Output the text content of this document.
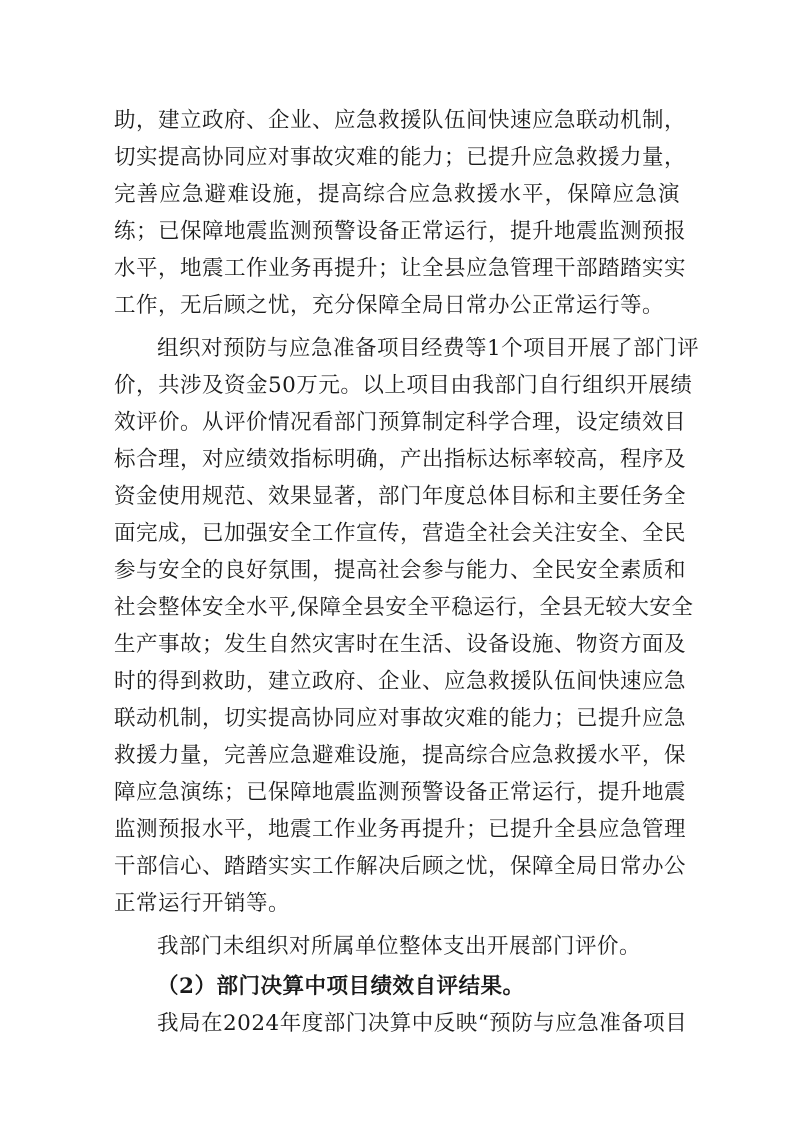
助，建立政府、企业、应急救援队伍间快速应急联动机制，
切实提高协同应对事故灾难的能力；已提升应急救援力量，
完善应急避难设施，提高综合应急救援水平，保障应急演
练；已保障地震监测预警设备正常运行，提升地震监测预报
水平，地震工作业务再提升；让全县应急管理干部踏踏实实
工作，无后顾之忧，充分保障全局日常办公正常运行等。
组织对预防与应急准备项目经费等1个项目开展了部门评
价，共涉及资金50万元。以上项目由我部门自行组织开展绩
效评价。从评价情况看部门预算制定科学合理，设定绩效目
标合理，对应绩效指标明确，产出指标达标率较高，程序及
资金使用规范、效果显著，部门年度总体目标和主要任务全
面完成，已加强安全工作宣传，营造全社会关注安全、全民
参与安全的良好氛围，提高社会参与能力、全民安全素质和
社会整体安全水平,保障全县安全平稳运行，全县无较大安全
生产事故；发生自然灾害时在生活、设备设施、物资方面及
时的得到救助，建立政府、企业、应急救援队伍间快速应急
联动机制，切实提高协同应对事故灾难的能力；已提升应急
救援力量，完善应急避难设施，提高综合应急救援水平，保
障应急演练；已保障地震监测预警设备正常运行，提升地震
监测预报水平，地震工作业务再提升；已提升全县应急管理
干部信心、踏踏实实工作解决后顾之忧，保障全局日常办公
正常运行开销等。
我部门未组织对所属单位整体支出开展部门评价。
（2）部门决算中项目绩效自评结果。
我局在2024年度部门决算中反映“预防与应急准备项目
